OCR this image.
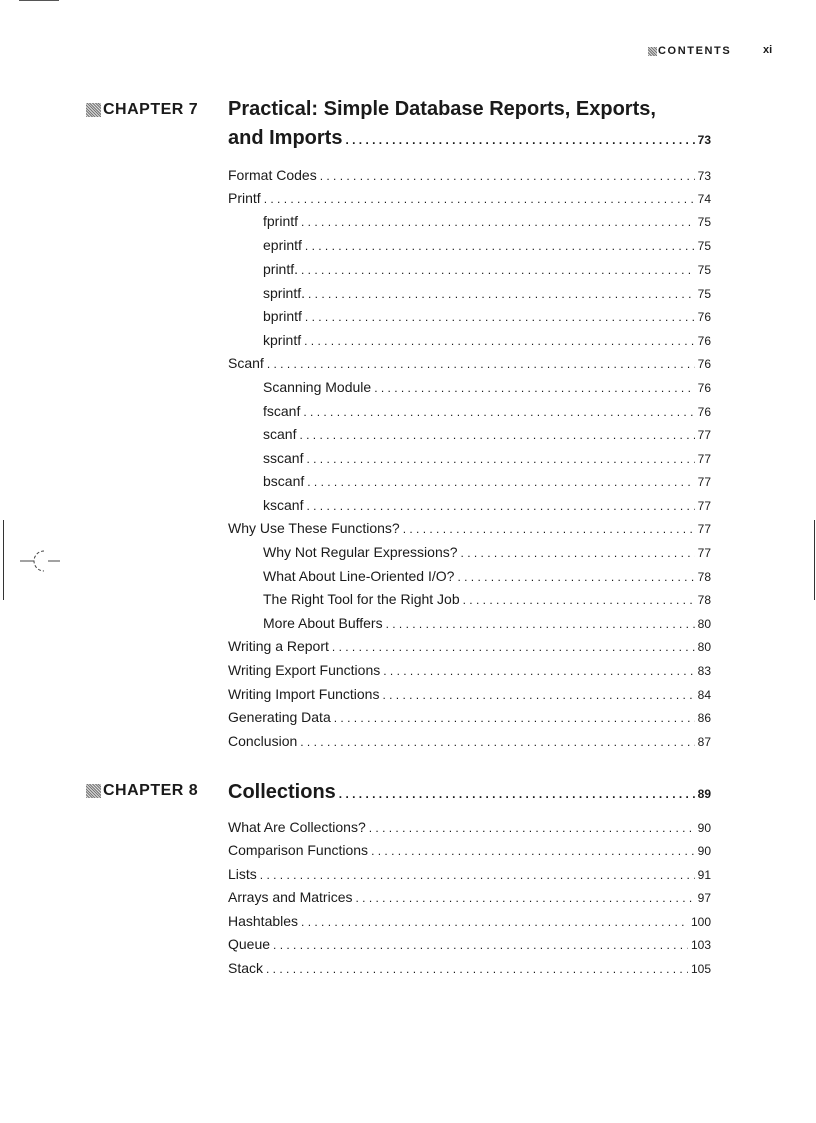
CONTENTS	xi
CHAPTER 7 Practical: Simple Database Reports, Exports,
and Imports . . .	73
Format Codes . . .	73
Printf . . .	74
fprintf . . .	75
eprintf . . .	75
printf. . . .	75
sprintf. . . .	75
bprintf . . .	76
kprintf . . .	76
Scanf . . .	76
Scanning Module . . .	76
fscanf . . .	76
scanf . . .	77
sscanf . . .	77
bscanf . . .	77
kscanf . . .	77
Why Use These Functions? . . .	77
Why Not Regular Expressions? . . .	77
What About Line-Oriented I/O? . . .	78
The Right Tool for the Right Job . . .	78
More About Buffers . . .	80
Writing a Report . . .	80
Writing Export Functions . . .	83
Writing Import Functions . . .	84
Generating Data . . .	86
Conclusion . . .	87
CHAPTER 8 Collections . . .	89
What Are Collections? . . .	90
Comparison Functions . . .	90
Lists . . .	91
Arrays and Matrices . . .	97
Hashtables . . .	100
Queue . . .	103
Stack . . .	105
